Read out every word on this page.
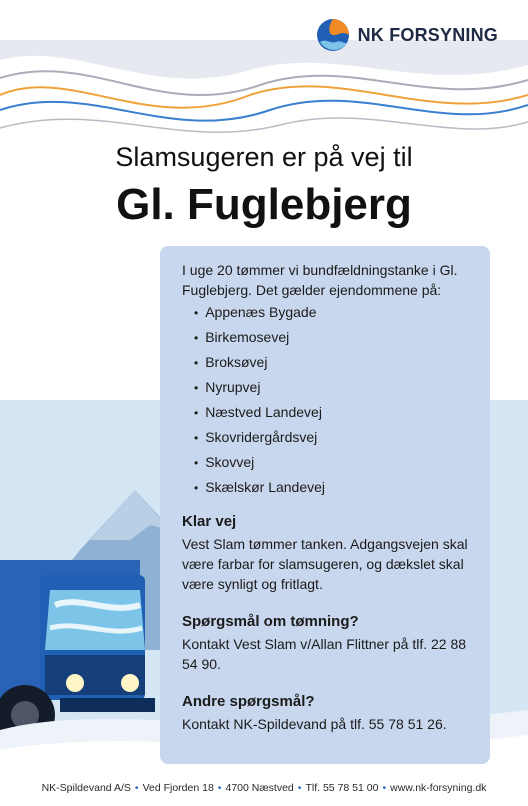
NK FORSYNING
Slamsugeren er på vej til
Gl. Fuglebjerg

I uge 20 tømmer vi bundfældningstanke i Gl. Fuglebjerg. Det gælder ejendommene på:

• Appenæs Bygade
• Birkemosevej
• Broksøvej
• Nyrupvej
• Næstved Landevej
• Skovridergårdsvej
• Skovvej
• Skælskør Landevej
Klar vej

Vest Slam tømmer tanken. Adgangsvejen skal være farbar for slamsugeren, og dækslet skal være synligt og fritlagt.

Spørgsmål om tømning?

Kontakt Vest Slam v/Allan Flittner på tlf. 22 88 54 90.

Andre spørgsmål?

Kontakt NK-Spildevand på tlf. 55 78 51 26.

NK-Spildevand A/S • Ved Fjorden 18 • 4700 Næstved • Tlf. 55 78 51 00 • www.nk-forsyning.dk
